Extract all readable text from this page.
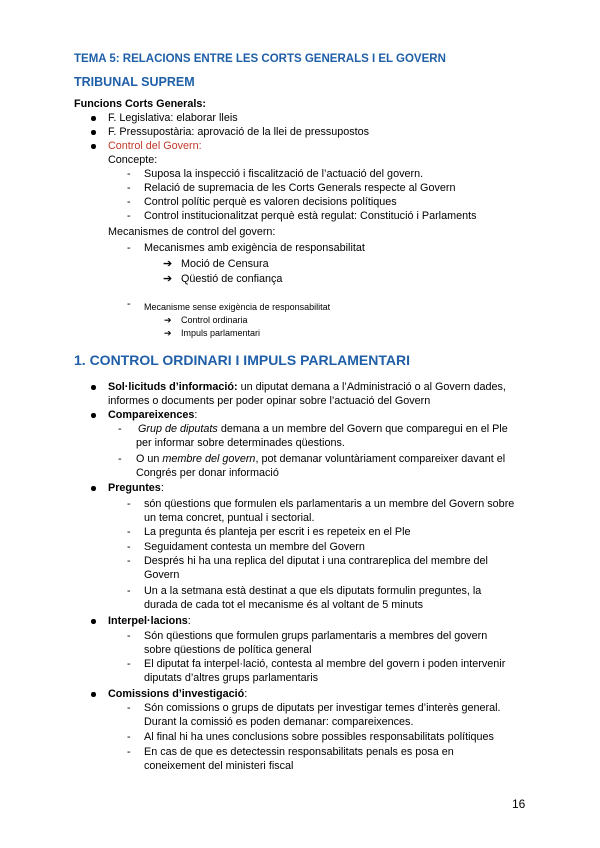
TEMA 5: RELACIONS ENTRE LES CORTS GENERALS I EL GOVERN
TRIBUNAL SUPREM
Funcions Corts Generals:
F. Legislativa: elaborar lleis
F. Pressupostària: aprovació de la llei de pressupostos
Control del Govern:
Concepte:
- Suposa la inspecció i fiscalització de l’actuació del govern.
- Relació de supremacia de les Corts Generals respecte al Govern
- Control polític perquè es valoren decisions polítiques
- Control institucionalitzat perquè està regulat: Constitució i Parlaments
Mecanismes de control del govern:
- Mecanismes amb exigència de responsabilitat
➔ Moció de Censura
➔ Qüestió de confiança
- Mecanisme sense exigència de responsabilitat
➔ Control ordinaria
➔ Impuls parlamentari
1. CONTROL ORDINARI I IMPULS PARLAMENTARI
Sol·licituds d’informació: un diputat demana a l’Administració o al Govern dades,
informes o documents per poder opinar sobre l’actuació del Govern
Compareixences:
- Grup de diputats demana a un membre del Govern que comparegui en el Ple
per informar sobre determinades qüestions.
- O un membre del govern, pot demanar voluntàriament compareixer davant el
Congrés per donar informació
Preguntes:
- són qüestions que formulen els parlamentaris a un membre del Govern sobre
un tema concret, puntual i sectorial.
- La pregunta és planteja per escrit i es repeteix en el Ple
- Seguidament contesta un membre del Govern
- Després hi ha una replica del diputat i una contrareplica del membre del
Govern
- Un a la setmana està destinat a que els diputats formulin preguntes, la
durada de cada tot el mecanisme és al voltant de 5 minuts
Interpel·lacions:
- Són qüestions que formulen grups parlamentaris a membres del govern
sobre qüestions de política general
- El diputat fa interpel·lació, contesta al membre del govern i poden intervenir
diputats d’altres grups parlamentaris
Comissions d’investigació:
- Són comissions o grups de diputats per investigar temes d’interès general.
Durant la comissió es poden demanar: compareixences.
- Al final hi ha unes conclusions sobre possibles responsabilitats polítiques
- En cas de que es detectessin responsabilitats penals es posa en
coneixement del ministeri fiscal
16
